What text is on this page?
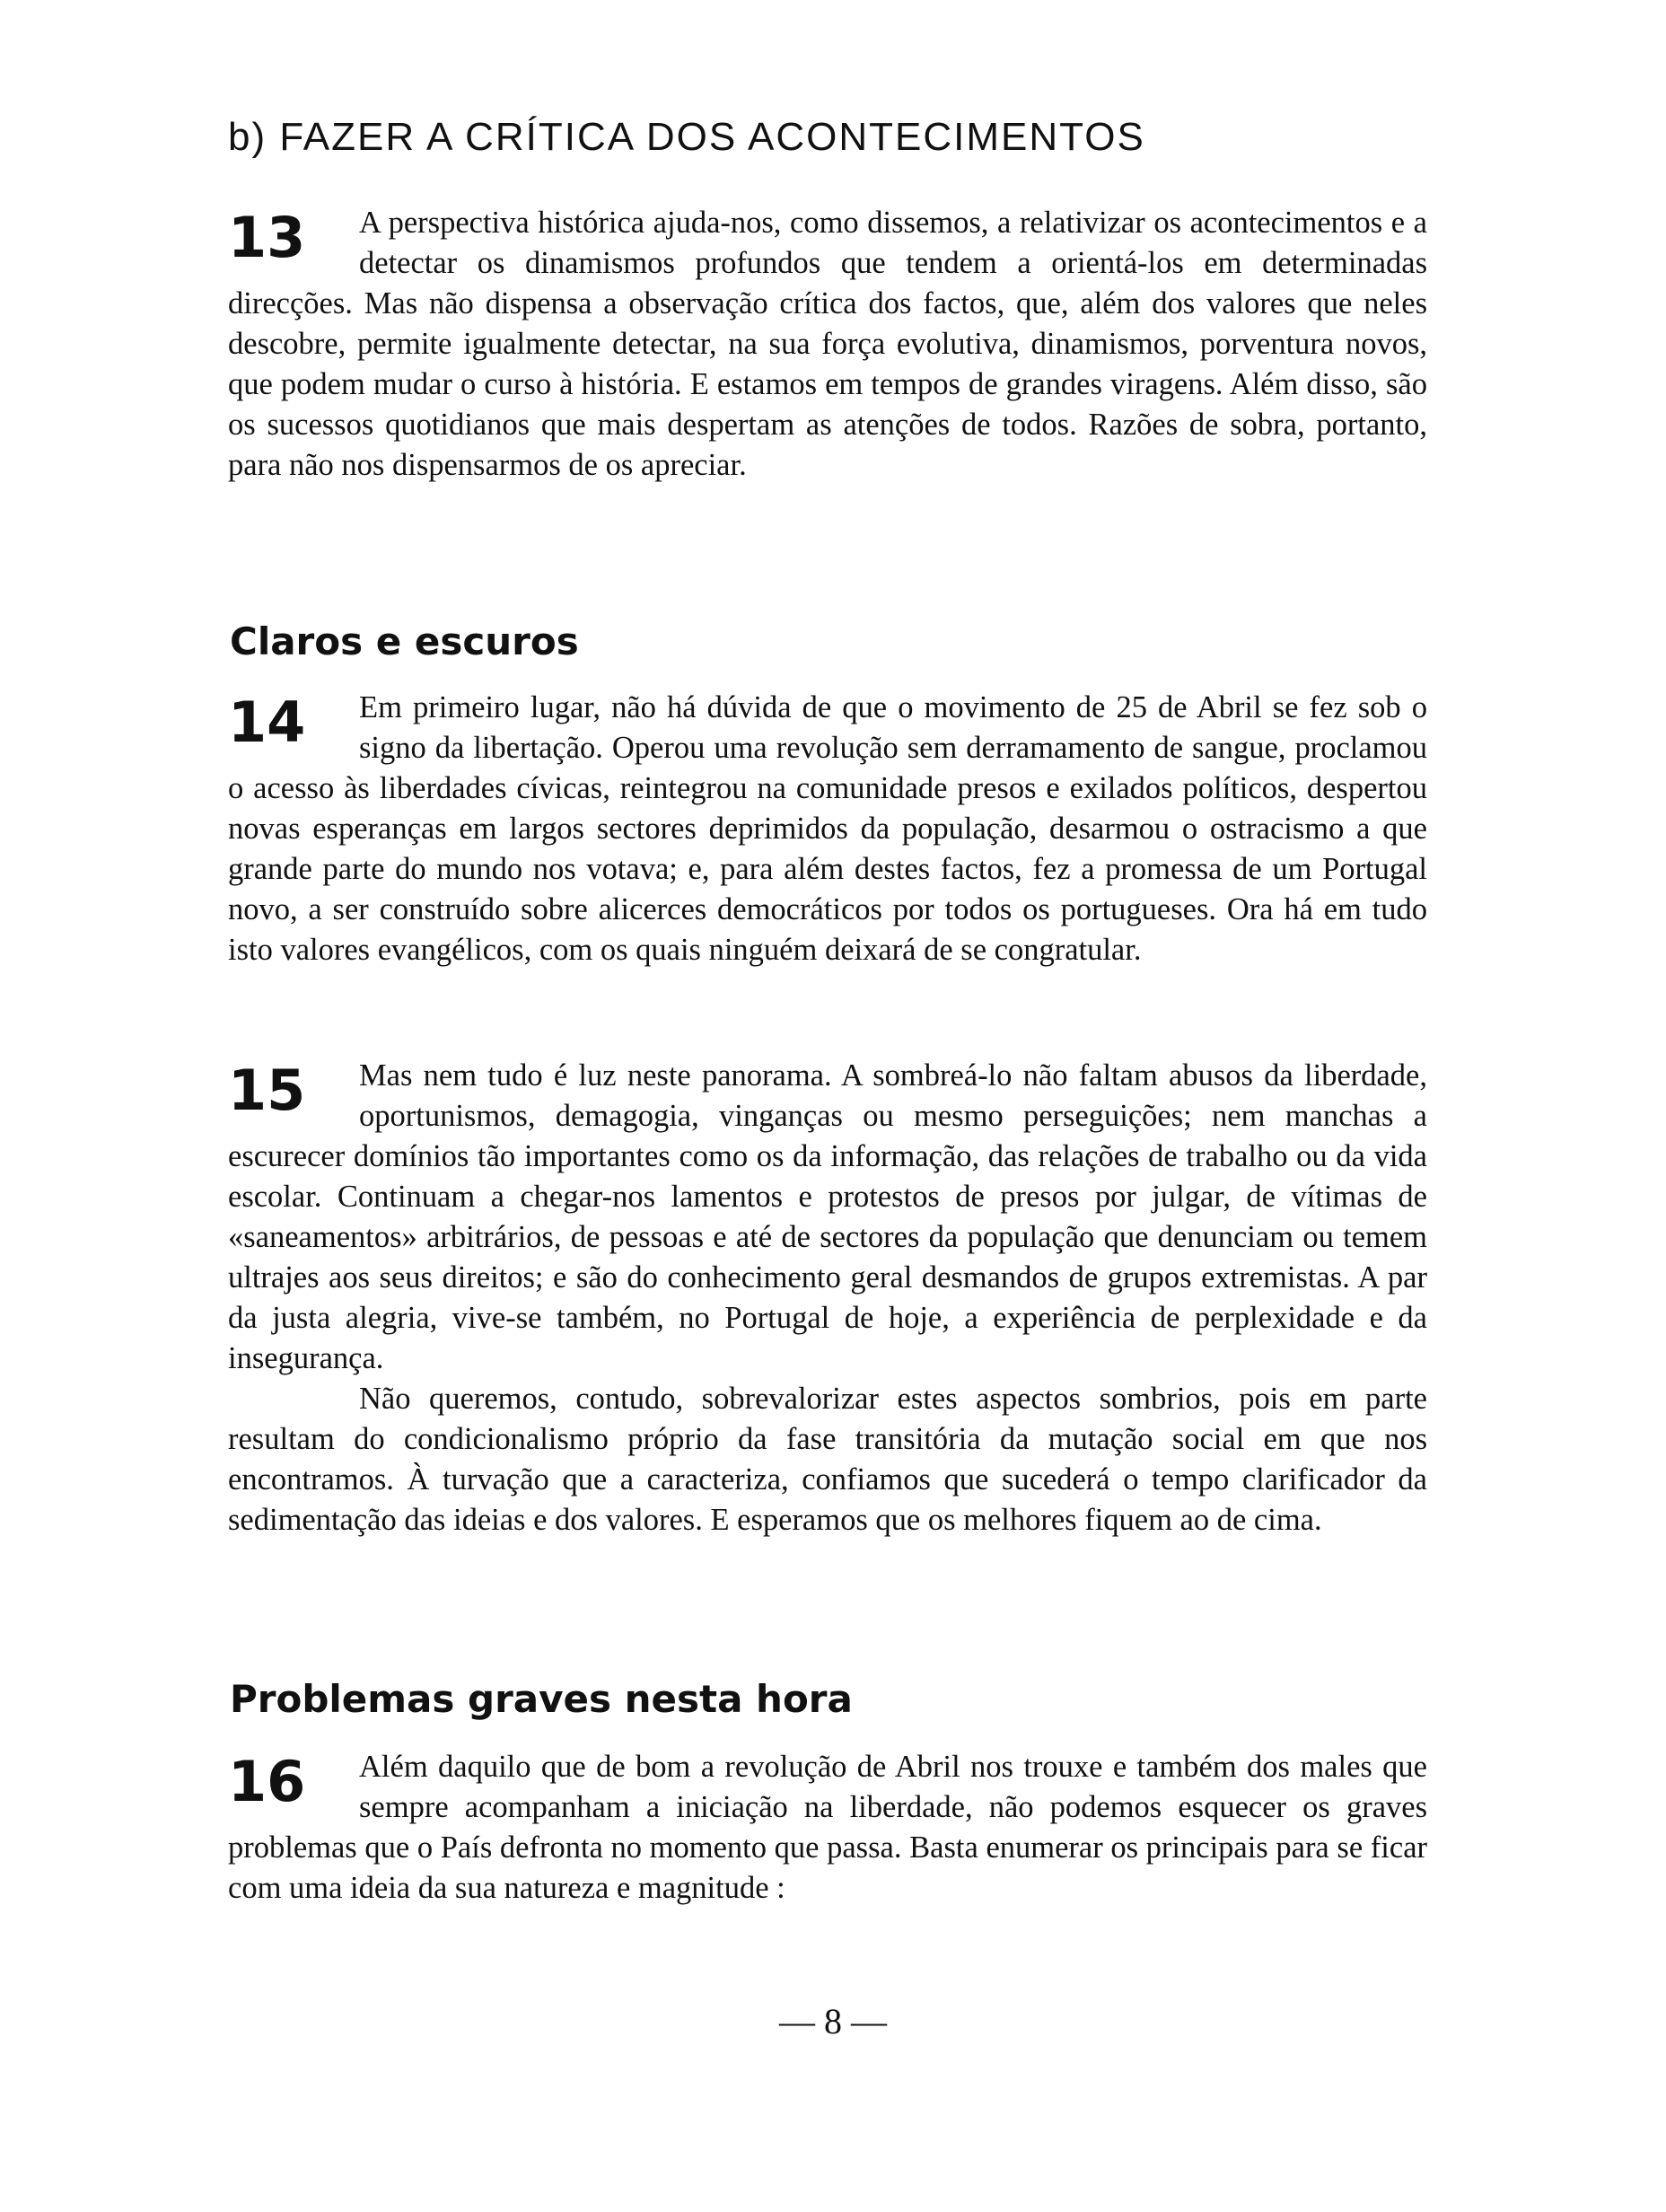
b) FAZER A CRÍTICA DOS ACONTECIMENTOS
13	A perspectiva histórica ajuda-nos, como dissemos, a relativizar os acontecimentos e a detectar os dinamismos profundos que tendem a orientá-los em determinadas direcções. Mas não dispensa a observação crítica dos factos, que, além dos valores que neles descobre, permite igualmente detectar, na sua força evolutiva, dinamismos, porventura novos, que podem mudar o curso à história. E estamos em tempos de grandes viragens. Além disso, são os sucessos quotidianos que mais despertam as atenções de todos. Razões de sobra, portanto, para não nos dispensarmos de os apreciar.

Claros e escuros
14	Em primeiro lugar, não há dúvida de que o movimento de 25 de Abril se fez sob o signo da libertação. Operou uma revolução sem derramamento de sangue, proclamou o acesso às liberdades cívicas, reintegrou na comunidade presos e exilados políticos, despertou novas esperanças em largos sectores deprimidos da população, desarmou o ostracismo a que grande parte do mundo nos votava; e, para além destes factos, fez a promessa de um Portugal novo, a ser construído sobre alicerces democráticos por todos os portugueses. Ora há em tudo isto valores evangélicos, com os quais ninguém deixará de se congratular.

15	Mas nem tudo é luz neste panorama. A sombreá-lo não faltam abusos da liberdade, oportunismos, demagogia, vinganças ou mesmo perseguições; nem manchas a escurecer domínios tão importantes como os da informação, das relações de trabalho ou da vida escolar. Continuam a chegar-nos lamentos e protestos de presos por julgar, de vítimas de «saneamentos» arbitrários, de pessoas e até de sectores da população que denunciam ou temem ultrajes aos seus direitos; e são do conhecimento geral desmandos de grupos extremistas. A par da justa alegria, vive-se também, no Portugal de hoje, a experiência de perplexidade e da insegurança.

Não queremos, contudo, sobrevalorizar estes aspectos sombrios, pois em parte resultam do condicionalismo próprio da fase transitória da mutação social em que nos encontramos. À turvação que a caracteriza, confiamos que sucederá o tempo clarificador da sedimentação das ideias e dos valores. E esperamos que os melhores fiquem ao de cima.

Problemas graves nesta hora
16	Além daquilo que de bom a revolução de Abril nos trouxe e também dos males que sempre acompanham a iniciação na liberdade, não podemos esquecer os graves problemas que o País defronta no momento que passa. Basta enumerar os principais para se ficar com uma ideia da sua natureza e magnitude :

— 8 —
